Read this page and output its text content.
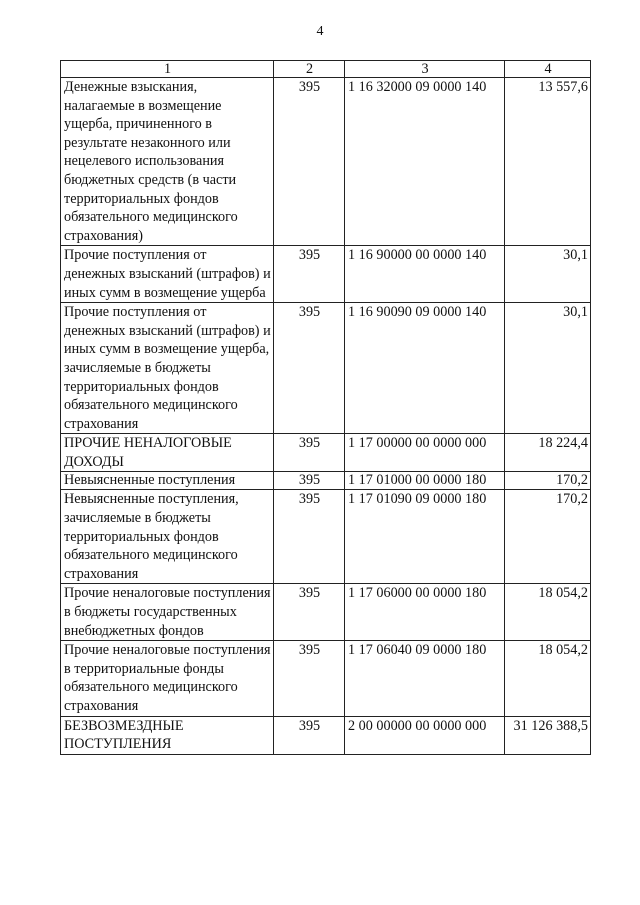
4
1	2	3	4
Денежные взыскания, налагаемые в возмещение ущерба, причиненного в результате незаконного или нецелевого использования бюджетных средств (в части территориальных фондов обязательного медицинского страхования)	395	1 16 32000 09 0000 140	13 557,6
Прочие поступления от денежных взысканий (штрафов) и иных сумм в возмещение ущерба	395	1 16 90000 00 0000 140	30,1
Прочие поступления от денежных взысканий (штрафов) и иных сумм в возмещение ущерба, зачисляемые в бюджеты территориальных фондов обязательного медицинского страхования	395	1 16 90090 09 0000 140	30,1
ПРОЧИЕ НЕНАЛОГОВЫЕ ДОХОДЫ	395	1 17 00000 00 0000 000	18 224,4
Невыясненные поступления	395	1 17 01000 00 0000 180	170,2
Невыясненные поступления, зачисляемые в бюджеты территориальных фондов обязательного медицинского страхования	395	1 17 01090 09 0000 180	170,2
Прочие неналоговые поступления в бюджеты государственных внебюджетных фондов	395	1 17 06000 00 0000 180	18 054,2
Прочие неналоговые поступления в территориальные фонды обязательного медицинского страхования	395	1 17 06040 09 0000 180	18 054,2
БЕЗВОЗМЕЗДНЫЕ ПОСТУПЛЕНИЯ	395	2 00 00000 00 0000 000	31 126 388,5
